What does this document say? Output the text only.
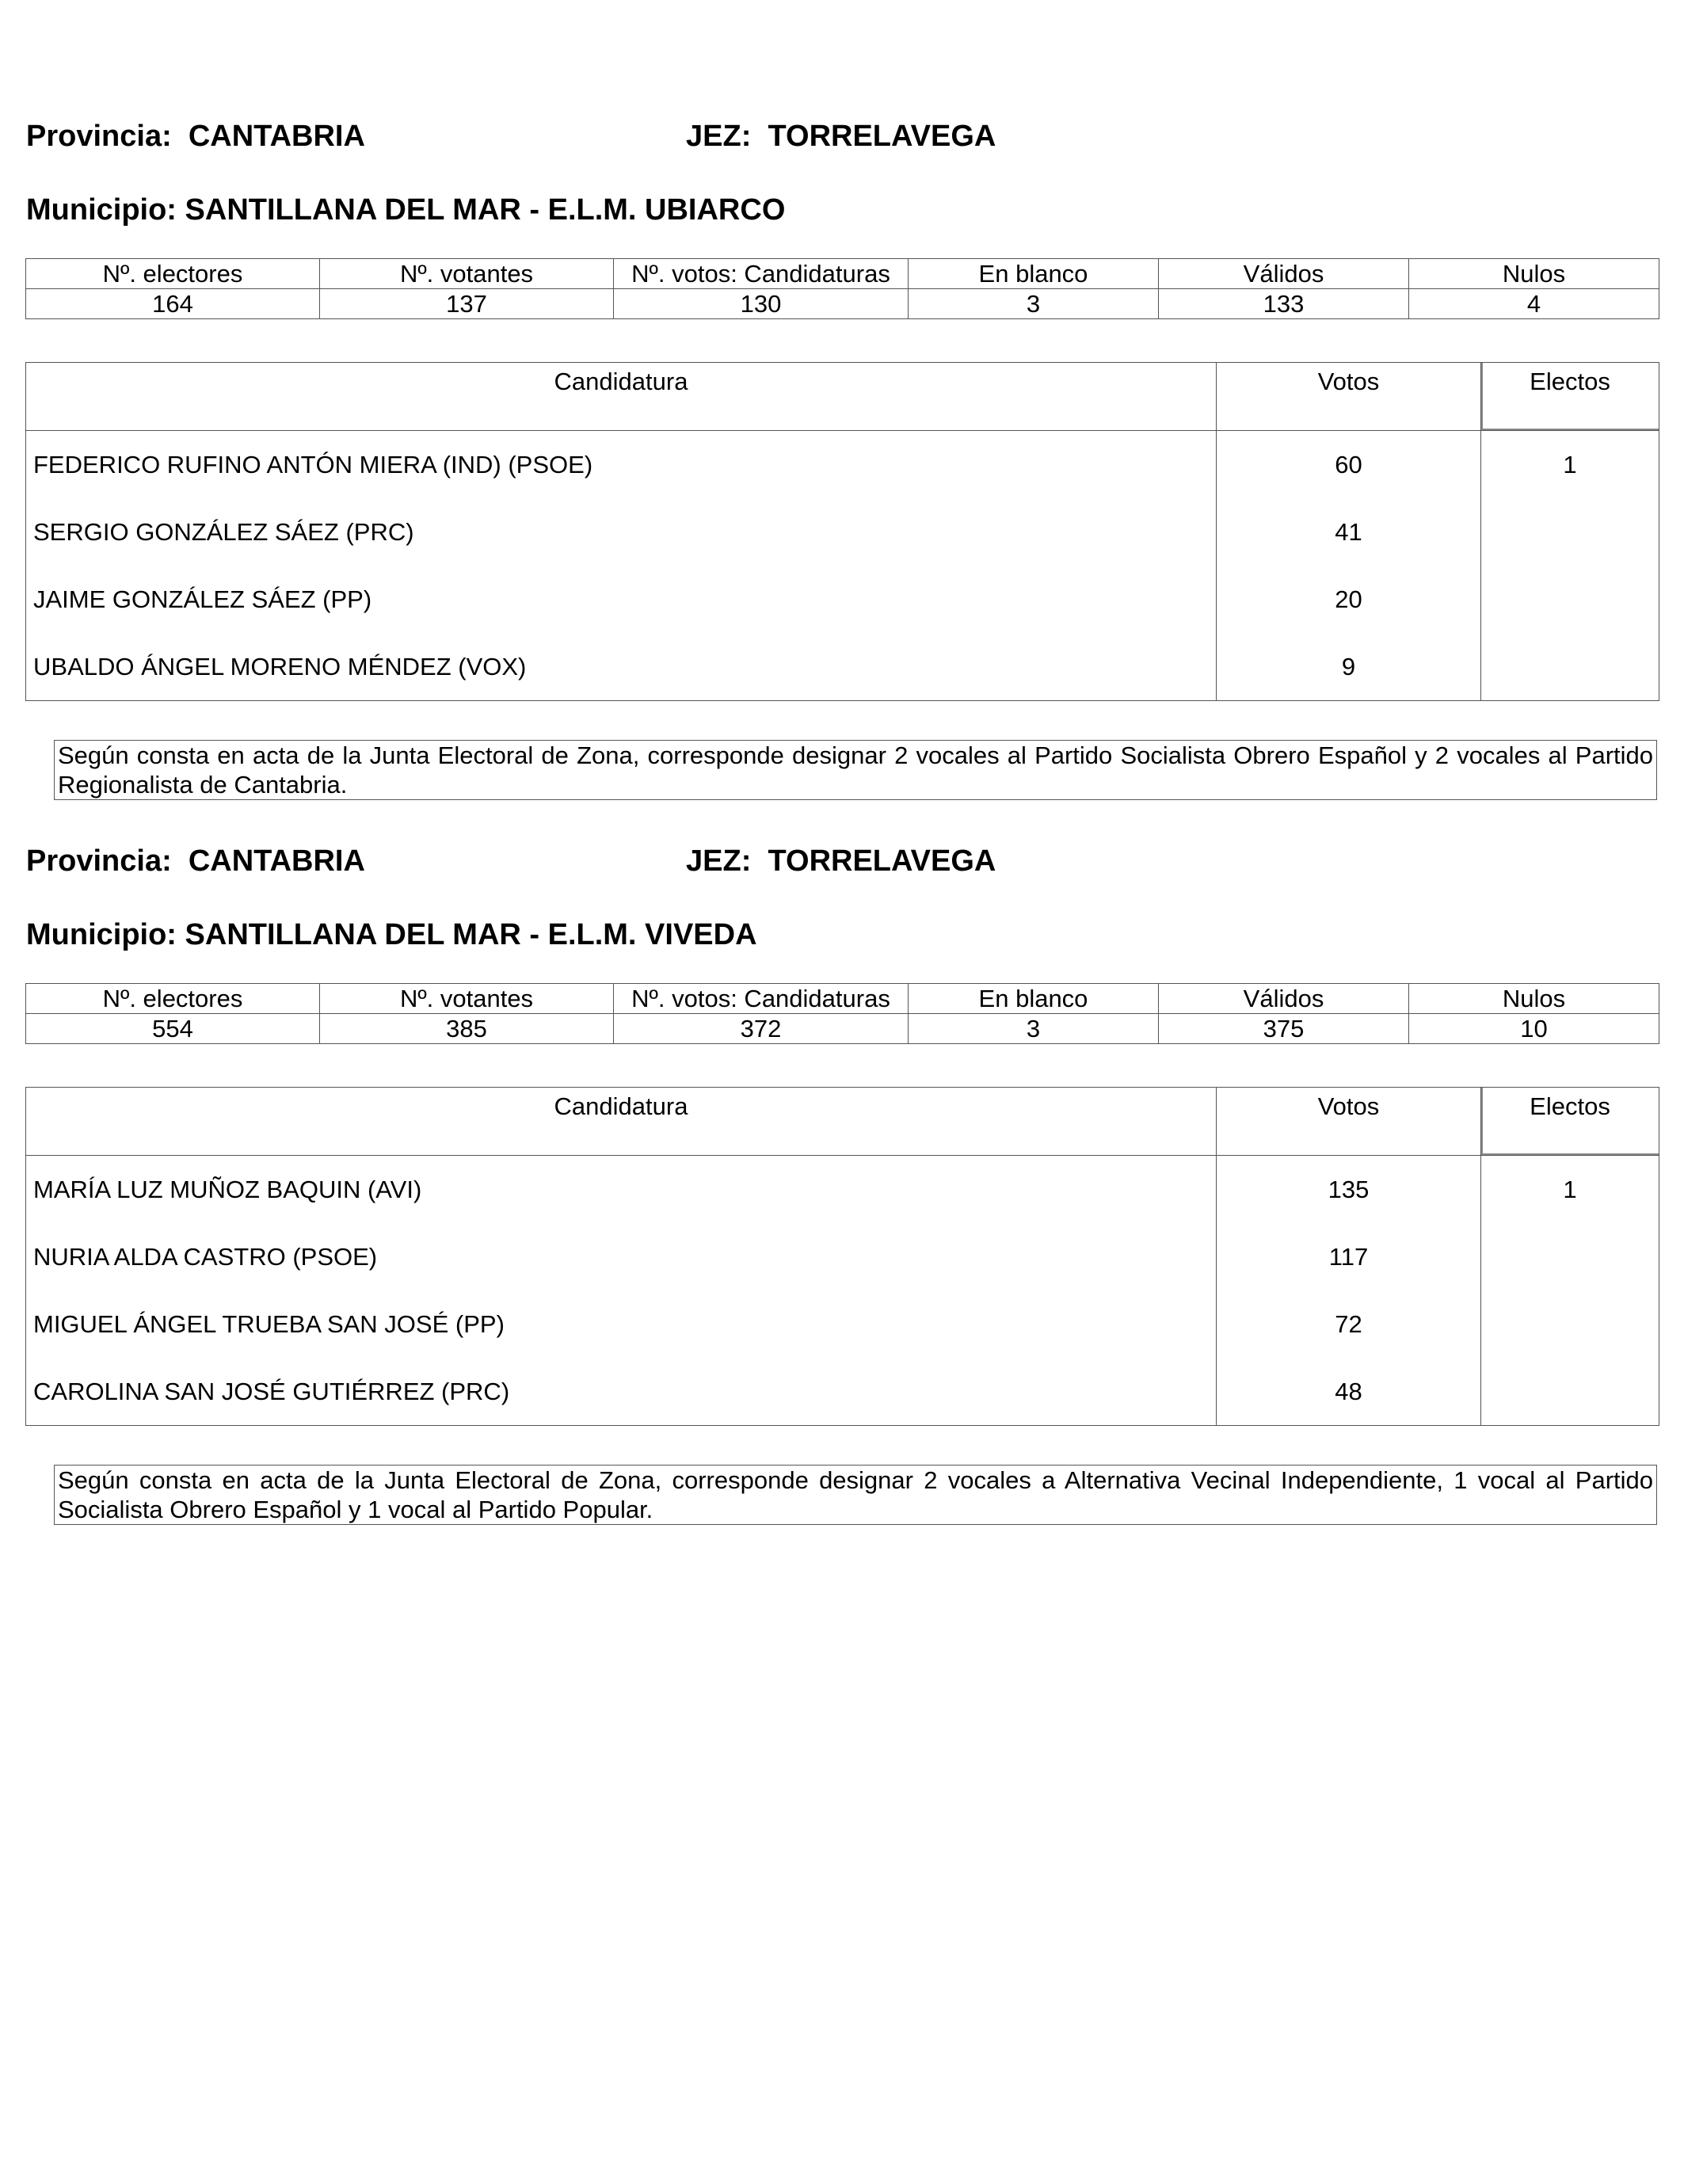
Provincia: CANTABRIA	JEZ: TORRELAVEGA
Municipio: SANTILLANA DEL MAR - E.L.M. UBIARCO
Nº. electores	Nº. votantes	Nº. votos: Candidaturas	En blanco	Válidos	Nulos
164	137	130	3	133	4
Candidatura	Votos	Electos
FEDERICO RUFINO ANTÓN MIERA (IND) (PSOE)	60	1
SERGIO GONZÁLEZ SÁEZ (PRC)	41	
JAIME GONZÁLEZ SÁEZ (PP)	20	
UBALDO ÁNGEL MORENO MÉNDEZ (VOX)	9	
Según consta en acta de la Junta Electoral de Zona, corresponde designar 2 vocales al Partido Socialista Obrero Español y 2 vocales al Partido Regionalista de Cantabria.
Provincia: CANTABRIA	JEZ: TORRELAVEGA
Municipio: SANTILLANA DEL MAR - E.L.M. VIVEDA
Nº. electores	Nº. votantes	Nº. votos: Candidaturas	En blanco	Válidos	Nulos
554	385	372	3	375	10
Candidatura	Votos	Electos
MARÍA LUZ MUÑOZ BAQUIN (AVI)	135	1
NURIA ALDA CASTRO (PSOE)	117	
MIGUEL ÁNGEL TRUEBA SAN JOSÉ (PP)	72	
CAROLINA SAN JOSÉ GUTIÉRREZ (PRC)	48	
Según consta en acta de la Junta Electoral de Zona, corresponde designar 2 vocales a Alternativa Vecinal Independiente, 1 vocal al Partido Socialista Obrero Español y 1 vocal al Partido Popular.
